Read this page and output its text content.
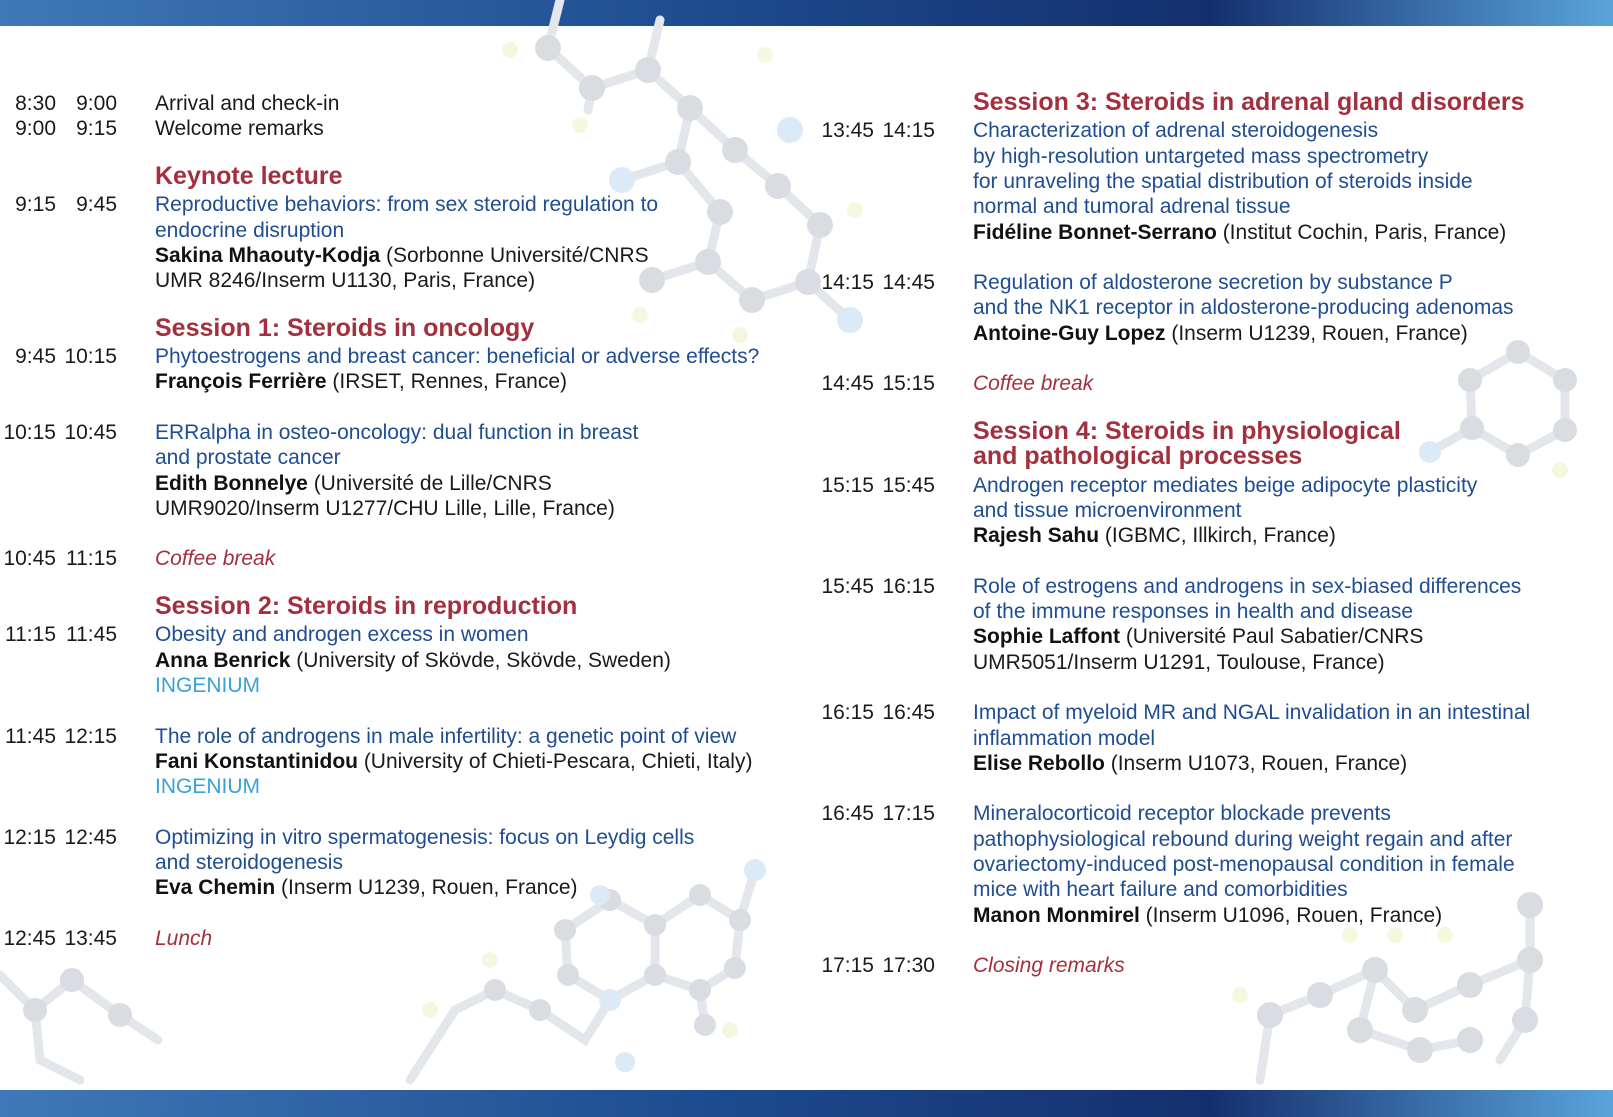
8:30 9:00 Arrival and check-in
9:00 9:15 Welcome remarks
Keynote lecture
9:15 9:45 Reproductive behaviors: from sex steroid regulation to
endocrine disruption
Sakina Mhaouty-Kodja (Sorbonne Université/CNRS
UMR 8246/Inserm U1130, Paris, France)
Session 1: Steroids in oncology
9:45 10:15 Phytoestrogens and breast cancer: beneficial or adverse effects?
François Ferrière (IRSET, Rennes, France)
10:15 10:45 ERRalpha in osteo-oncology: dual function in breast
and prostate cancer
Edith Bonnelye (Université de Lille/CNRS
UMR9020/Inserm U1277/CHU Lille, Lille, France)
10:45 11:15 Coffee break
Session 2: Steroids in reproduction
11:15 11:45 Obesity and androgen excess in women
Anna Benrick (University of Skövde, Skövde, Sweden)
INGENIUM
11:45 12:15 The role of androgens in male infertility: a genetic point of view
Fani Konstantinidou (University of Chieti-Pescara, Chieti, Italy)
INGENIUM
12:15 12:45 Optimizing in vitro spermatogenesis: focus on Leydig cells
and steroidogenesis
Eva Chemin (Inserm U1239, Rouen, France)
12:45 13:45 Lunch
Session 3: Steroids in adrenal gland disorders
13:45 14:15 Characterization of adrenal steroidogenesis
by high-resolution untargeted mass spectrometry
for unraveling the spatial distribution of steroids inside
normal and tumoral adrenal tissue
Fidéline Bonnet-Serrano (Institut Cochin, Paris, France)
14:15 14:45 Regulation of aldosterone secretion by substance P
and the NK1 receptor in aldosterone-producing adenomas
Antoine-Guy Lopez (Inserm U1239, Rouen, France)
14:45 15:15 Coffee break
Session 4: Steroids in physiological
and pathological processes
15:15 15:45 Androgen receptor mediates beige adipocyte plasticity
and tissue microenvironment
Rajesh Sahu (IGBMC, Illkirch, France)
15:45 16:15 Role of estrogens and androgens in sex-biased differences
of the immune responses in health and disease
Sophie Laffont (Université Paul Sabatier/CNRS
UMR5051/Inserm U1291, Toulouse, France)
16:15 16:45 Impact of myeloid MR and NGAL invalidation in an intestinal
inflammation model
Elise Rebollo (Inserm U1073, Rouen, France)
16:45 17:15 Mineralocorticoid receptor blockade prevents
pathophysiological rebound during weight regain and after
ovariectomy-induced post-menopausal condition in female
mice with heart failure and comorbidities
Manon Monmirel (Inserm U1096, Rouen, France)
17:15 17:30 Closing remarks
